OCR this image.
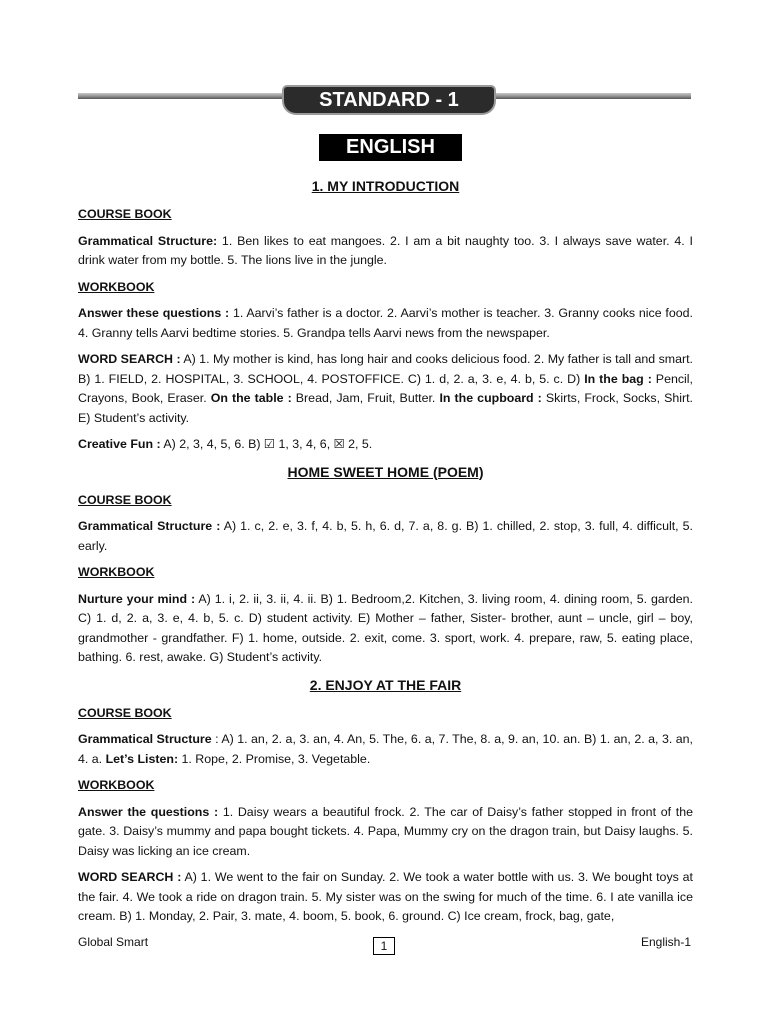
STANDARD - 1
ENGLISH
1. MY INTRODUCTION
COURSE BOOK
Grammatical Structure: 1. Ben likes to eat mangoes. 2. I am a bit naughty too. 3. I always save water. 4. I drink water from my bottle. 5. The lions live in the jungle.
WORKBOOK
Answer these questions : 1. Aarvi’s father is a doctor. 2. Aarvi’s mother is teacher. 3. Granny cooks nice food. 4. Granny tells Aarvi bedtime stories. 5. Grandpa tells Aarvi news from the newspaper.
WORD SEARCH : A) 1. My mother is kind, has long hair and cooks delicious food. 2. My father is tall and smart. B) 1. FIELD, 2. HOSPITAL, 3. SCHOOL, 4. POSTOFFICE. C) 1. d, 2. a, 3. e, 4. b, 5. c. D) In the bag : Pencil, Crayons, Book, Eraser. On the table : Bread, Jam, Fruit, Butter. In the cupboard : Skirts, Frock, Socks, Shirt. E) Student’s activity.
Creative Fun : A) 2, 3, 4, 5, 6. B) ☑ 1, 3, 4, 6, ☒ 2, 5.
HOME SWEET HOME (POEM)
COURSE BOOK
Grammatical Structure : A) 1. c, 2. e, 3. f, 4. b, 5. h, 6. d, 7. a, 8. g. B) 1. chilled, 2. stop, 3. full, 4. difficult, 5. early.
WORKBOOK
Nurture your mind : A) 1. i, 2. ii, 3. ii, 4. ii. B) 1. Bedroom,2. Kitchen, 3. living room, 4. dining room, 5. garden. C) 1. d, 2. a, 3. e, 4. b, 5. c. D) student activity. E) Mother – father, Sister- brother, aunt – uncle, girl – boy, grandmother - grandfather. F) 1. home, outside. 2. exit, come. 3. sport, work. 4. prepare, raw, 5. eating place, bathing. 6. rest, awake. G) Student’s activity.
2. ENJOY AT THE FAIR
COURSE BOOK
Grammatical Structure : A) 1. an, 2. a, 3. an, 4. An, 5. The, 6. a, 7. The, 8. a, 9. an, 10. an. B) 1. an, 2. a, 3. an, 4. a. Let’s Listen: 1. Rope, 2. Promise, 3. Vegetable.
WORKBOOK
Answer the questions : 1. Daisy wears a beautiful frock. 2. The car of Daisy’s father stopped in front of the gate. 3. Daisy’s mummy and papa bought tickets. 4. Papa, Mummy cry on the dragon train, but Daisy laughs. 5. Daisy was licking an ice cream.
WORD SEARCH : A) 1. We went to the fair on Sunday. 2. We took a water bottle with us. 3. We bought toys at the fair. 4. We took a ride on dragon train. 5. My sister was on the swing for much of the time. 6. I ate vanilla ice cream. B) 1. Monday, 2. Pair, 3. mate, 4. boom, 5. book, 6. ground. C) Ice cream, frock, bag, gate,
Global Smart	1	English-1
